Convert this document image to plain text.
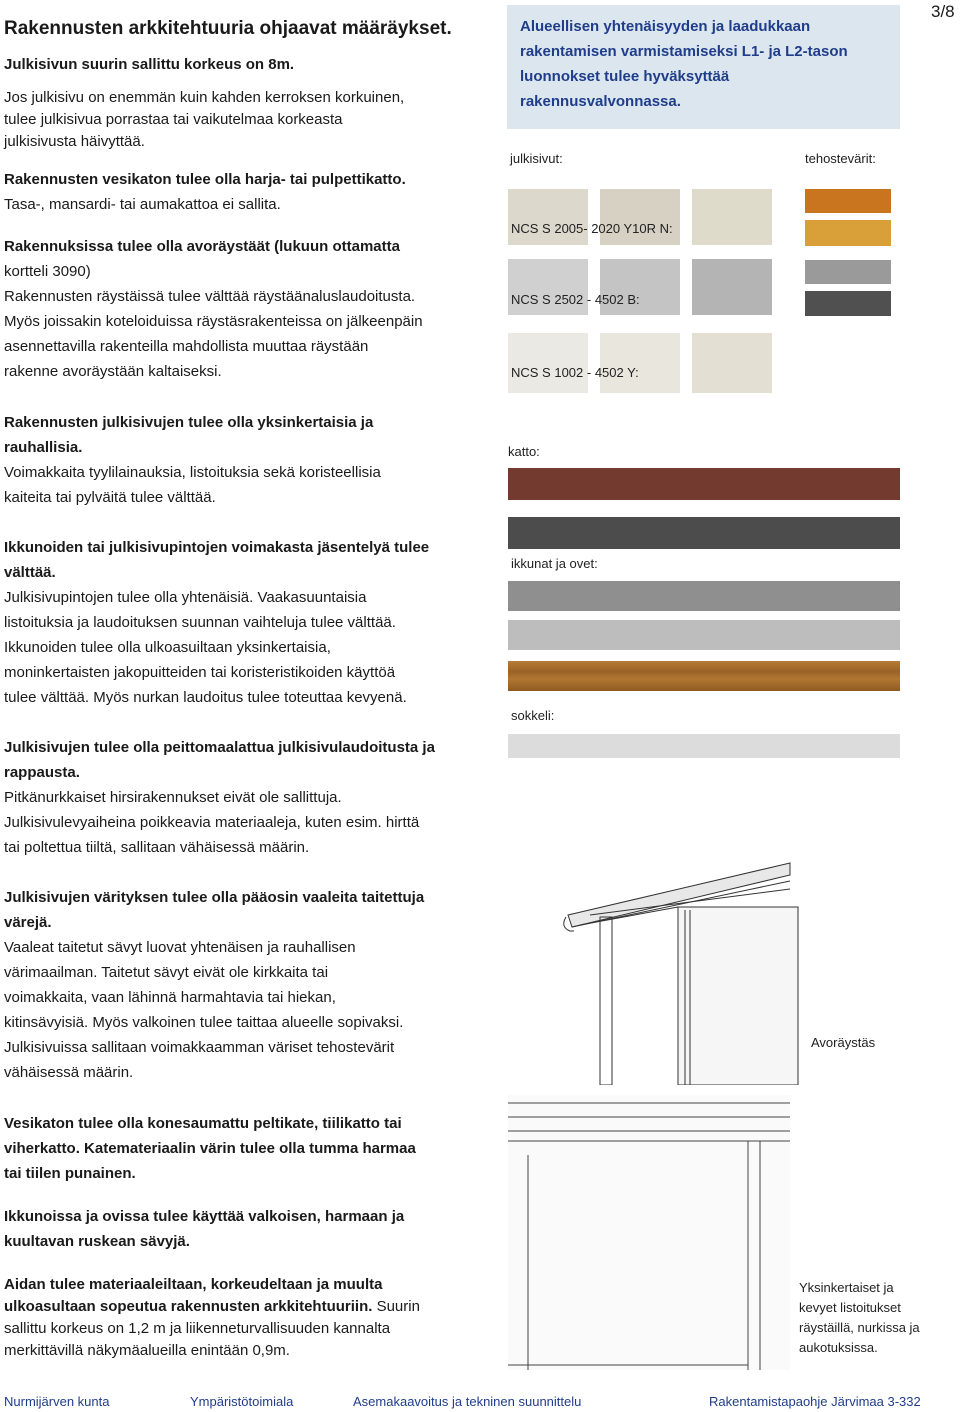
3/8
Rakennusten arkkitehtuuria ohjaavat määräykset.
Julkisivun suurin sallittu korkeus on 8m.

Jos julkisivu on enemmän kuin kahden kerroksen korkuinen,

tulee julkisivua porrastaa tai vaikutelmaa korkeasta

julkisivusta häivyttää.

Rakennusten vesikaton tulee olla harja- tai pulpettikatto.

Tasa-, mansardi- tai aumakattoa ei sallita.

Rakennuksissa tulee olla avoräystäät (lukuun ottamatta

kortteli 3090)

Rakennusten räystäissä tulee välttää räystäänaluslaudoitusta.

Myös joissakin koteloiduissa räystäsrakenteissa on jälkeenpäin

asennettavilla rakenteilla mahdollista muuttaa räystään

rakenne avoräystään kaltaiseksi.

Rakennusten julkisivujen tulee olla yksinkertaisia ja

rauhallisia.

Voimakkaita tyylilainauksia, listoituksia sekä koristeellisia

kaiteita tai pylväitä tulee välttää.

Ikkunoiden tai julkisivupintojen voimakasta jäsentelyä tulee

välttää.

Julkisivupintojen tulee olla yhtenäisiä. Vaakasuuntaisia

listoituksia ja laudoituksen suunnan vaihteluja tulee välttää.

Ikkunoiden tulee olla ulkoasuiltaan yksinkertaisia,

moninkertaisten jakopuitteiden tai koristeristikoiden käyttöä

tulee välttää. Myös nurkan laudoitus tulee toteuttaa kevyenä.

Julkisivujen tulee olla peittomaalattua julkisivulaudoitusta ja

rappausta.

Pitkänurkkaiset hirsirakennukset eivät ole sallittuja.

Julkisivulevyaiheina poikkeavia materiaaleja, kuten esim. hirttä

tai poltettua tiiltä, sallitaan vähäisessä määrin.

Julkisivujen värityksen tulee olla pääosin vaaleita taitettuja

värejä.

Vaaleat taitetut sävyt luovat yhtenäisen ja rauhallisen

värimaailman. Taitetut sävyt eivät ole kirkkaita tai

voimakkaita, vaan lähinnä harmahtavia tai hiekan,

kitinsävyisiä. Myös valkoinen tulee taittaa alueelle sopivaksi.

Julkisivuissa sallitaan voimakkaamman väriset tehostevärit

vähäisessä määrin.

Vesikaton tulee olla konesaumattu peltikate, tiilikatto tai

viherkatto. Katemateriaalin värin tulee olla tumma harmaa

tai tiilen punainen.

Ikkunoissa ja ovissa tulee käyttää valkoisen, harmaan ja

kuultavan ruskean sävyjä.

Aidan tulee materiaaleiltaan, korkeudeltaan ja muulta

ulkoasultaan sopeutua rakennusten arkkitehtuuriin. Suurin

sallittu korkeus on 1,2 m ja liikenneturvallisuuden kannalta

merkittävillä näkymäalueilla enintään 0,9m.

Alueellisen yhtenäisyyden ja laadukkaan
rakentamisen varmistamiseksi L1- ja L2-tason
luonnokset tulee hyväksyttää
rakennusvalvonnassa.
julkisivut:	tehostevärit:
NCS S 2005- 2020 Y10R N:
NCS S 2502 - 4502 B:
NCS S 1002 - 4502 Y:
katto:
ikkunat ja ovet:
sokkeli:
Avoräystäs
Yksinkertaiset ja
kevyet listoitukset
räystäillä, nurkissa ja
aukotuksissa.
Nurmijärven kunta	Ympäristötoimiala	Asemakaavoitus ja tekninen suunnittelu	Rakentamistapaohje Järvimaa 3-332
